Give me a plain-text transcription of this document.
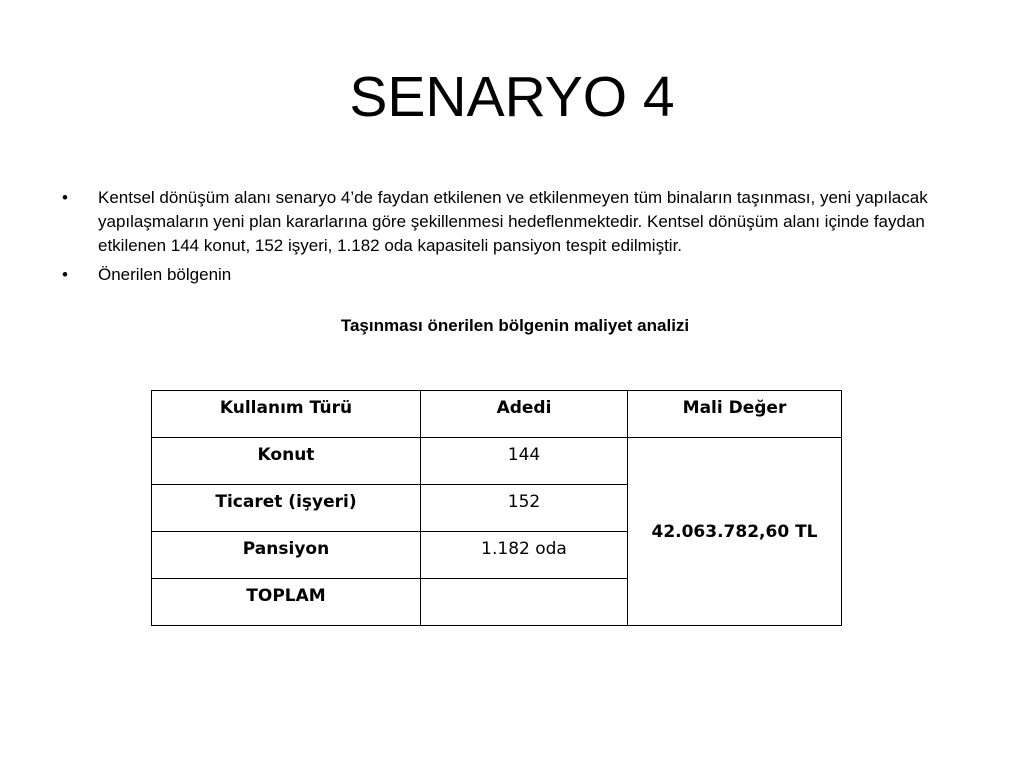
SENARYO 4
• Kentsel dönüşüm alanı senaryo 4’de faydan etkilenen ve etkilenmeyen tüm binaların taşınması, yeni yapılacak yapılaşmaların yeni plan kararlarına göre şekillenmesi hedeflenmektedir. Kentsel dönüşüm alanı içinde faydan etkilenen 144 konut, 152 işyeri, 1.182 oda kapasiteli pansiyon tespit edilmiştir.
• Önerilen bölgenin
Taşınması önerilen bölgenin maliyet analizi
Kullanım Türü	Adedi	Mali Değer
Konut	144	42.063.782,60 TL
Ticaret (işyeri)	152	
Pansiyon	1.182 oda	
TOPLAM		
